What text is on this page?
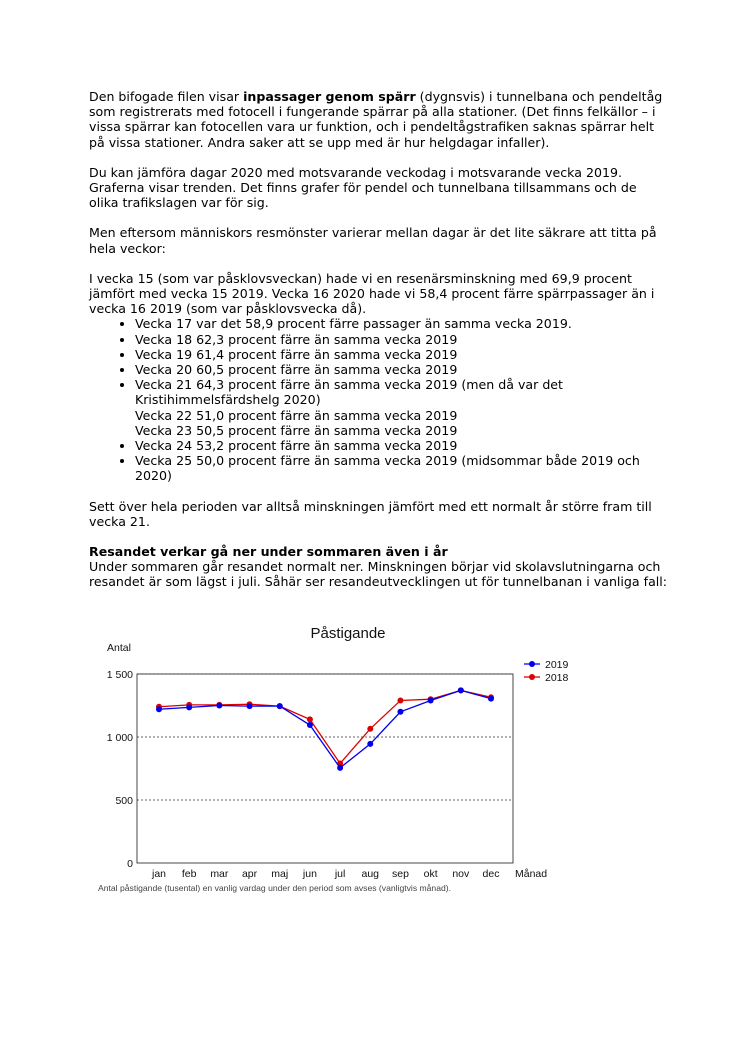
Den bifogade filen visar inpassager genom spärr (dygnsvis) i tunnelbana och pendeltåg som registrerats med fotocell i fungerande spärrar på alla stationer. (Det finns felkällor – i vissa spärrar kan fotocellen vara ur funktion, och i pendeltågstrafiken saknas spärrar helt på vissa stationer. Andra saker att se upp med är hur helgdagar infaller).

Du kan jämföra dagar 2020 med motsvarande veckodag i motsvarande vecka 2019. Graferna visar trenden. Det finns grafer för pendel och tunnelbana tillsammans och de olika trafikslagen var för sig.

Men eftersom människors resmönster varierar mellan dagar är det lite säkrare att titta på hela veckor:

I vecka 15 (som var påsklovsveckan) hade vi en resenärsminskning med 69,9 procent jämfört med vecka 15 2019. Vecka 16 2020 hade vi 58,4 procent färre spärrpassager än i vecka 16 2019 (som var påsklovsvecka då).

• Vecka 17 var det 58,9 procent färre passager än samma vecka 2019.
• Vecka 18 62,3 procent färre än samma vecka 2019
• Vecka 19 61,4 procent färre än samma vecka 2019
• Vecka 20 60,5 procent färre än samma vecka 2019
• Vecka 21 64,3 procent färre än samma vecka 2019 (men då var det Kristihimmelsfärdshelg 2020)
Vecka 22 51,0 procent färre än samma vecka 2019
Vecka 23 50,5 procent färre än samma vecka 2019
• Vecka 24 53,2 procent färre än samma vecka 2019
• Vecka 25 50,0 procent färre än samma vecka 2019 (midsommar både 2019 och 2020)

Sett över hela perioden var alltså minskningen jämfört med ett normalt år större fram till vecka 21.

Resandet verkar gå ner under sommaren även i år

Under sommaren går resandet normalt ner. Minskningen börjar vid skolavslutningarna och resandet är som lägst i juli. Såhär ser resandeutvecklingen ut för tunnelbanan i vanliga fall:

Påstigande
Antal
0
500
1 000
1 500
jan feb mar apr maj jun jul aug sep okt nov dec Månad
Antal påstigande (tusental) en vanlig vardag under den period som avses (vanligtvis månad).
2019
2018
